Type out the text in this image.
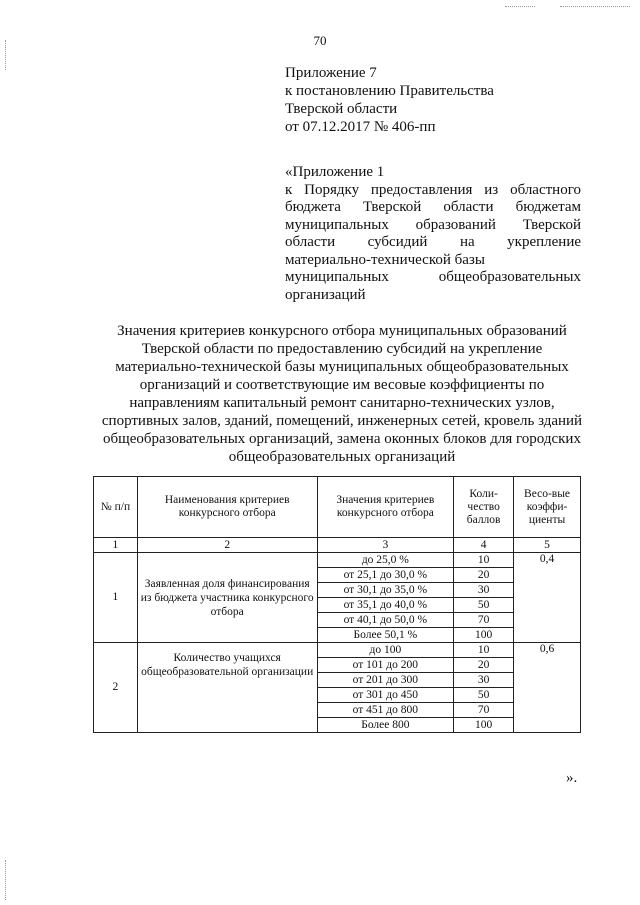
70
Приложение 7
к постановлению Правительства
Тверской области
от 07.12.2017 № 406-пп
«Приложение 1
к Порядку предоставления из областного
бюджета Тверской области бюджетам
муниципальных образований Тверской
области субсидий на укрепление
материально-технической базы
муниципальных общеобразовательных
организаций
Значения критериев конкурсного отбора муниципальных образований
Тверской области по предоставлению субсидий на укрепление
материально-технической базы муниципальных общеобразовательных
организаций и соответствующие им весовые коэффициенты по
направлениям капитальный ремонт санитарно-технических узлов,
спортивных залов, зданий, помещений, инженерных сетей, кровель зданий
общеобразовательных организаций, замена оконных блоков для городских
общеобразовательных организаций
№ п/п	Наименования критериев конкурсного отбора	Значения критериев конкурсного отбора	Коли-чество баллов	Весо-вые коэффи-циенты
1	2	3	4	5
1	Заявленная доля финансирования из бюджета участника конкурсного отбора	до 25,0 %	10	0,4
		от 25,1 до 30,0 %	20	
		от 30,1 до 35,0 %	30	
		от 35,1 до 40,0 %	50	
		от 40,1 до 50,0 %	70	
		Более 50,1 %	100	
2	Количество учащихся общеобразовательной организации	до 100	10	0,6
		от 101 до 200	20	
		от 201 до 300	30	
		от 301 до 450	50	
		от 451 до 800	70	
		Более 800	100	
».
